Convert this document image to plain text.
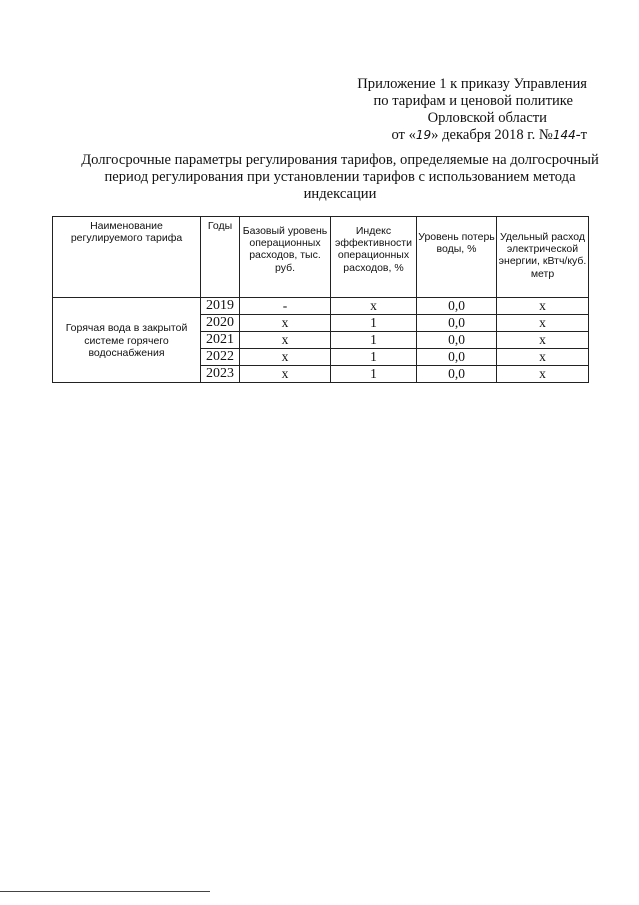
Приложение 1 к приказу Управления
по тарифам и ценовой политике
Орловской области
от «19» декабря 2018 г. №144-т
Долгосрочные параметры регулирования тарифов, определяемые на долгосрочный период регулирования при установлении тарифов с использованием метода индексации
Наименование регулируемого тарифа	Годы	Базовый уровень операционных расходов, тыс. руб.	Индекс эффективности операционных расходов, %	Уровень потерь воды, %	Удельный расход электрической энергии, кВтч/куб. метр
Горячая вода в закрытой системе горячего водоснабжения	2019	-	x	0,0	x
	2020	x	1	0,0	x
	2021	x	1	0,0	x
	2022	x	1	0,0	x
	2023	x	1	0,0	x
